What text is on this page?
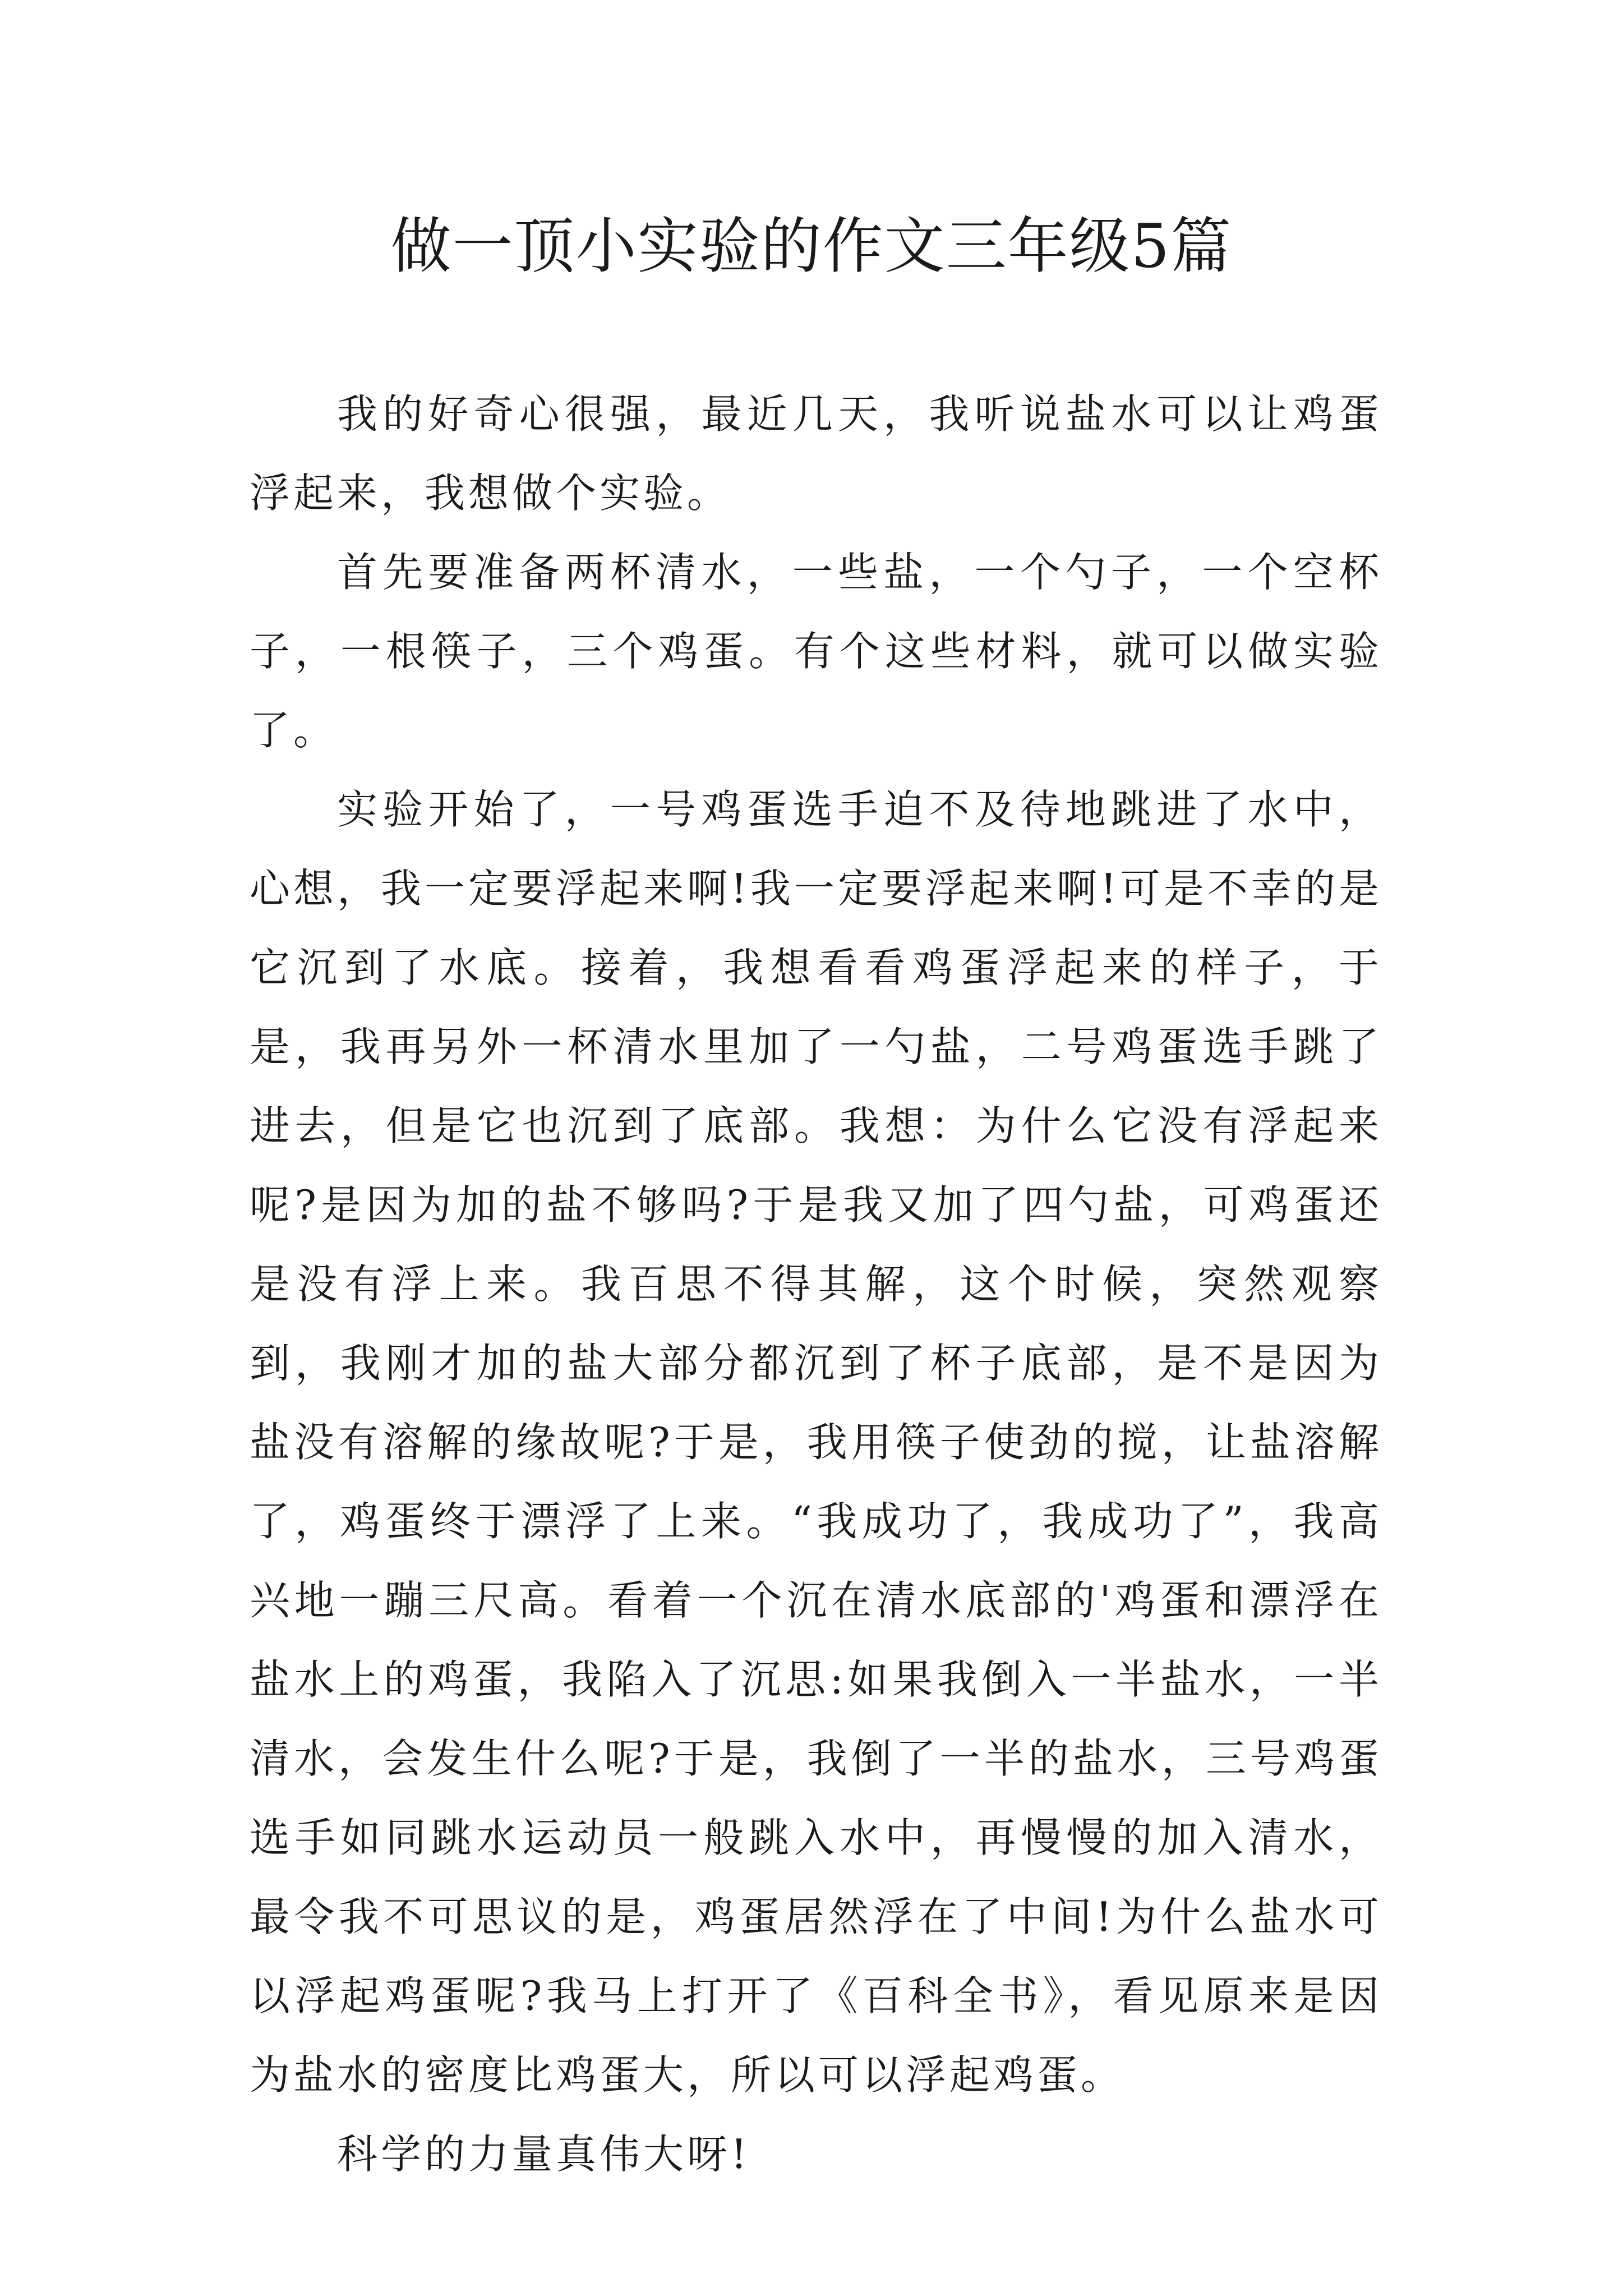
做一顶小实验的作文三年级5篇

我的好奇心很强，最近几天，我听说盐水可以让鸡蛋浮起来，我想做个实验。

首先要准备两杯清水，一些盐，一个勺子，一个空杯子，一根筷子，三个鸡蛋。有个这些材料，就可以做实验了。

实验开始了，一号鸡蛋选手迫不及待地跳进了水中，心想，我一定要浮起来啊!我一定要浮起来啊!可是不幸的是它沉到了水底。接着，我想看看鸡蛋浮起来的样子，于是，我再另外一杯清水里加了一勺盐，二号鸡蛋选手跳了进去，但是它也沉到了底部。我想：为什么它没有浮起来呢?是因为加的盐不够吗?于是我又加了四勺盐，可鸡蛋还是没有浮上来。我百思不得其解，这个时候，突然观察到，我刚才加的盐大部分都沉到了杯子底部，是不是因为盐没有溶解的缘故呢?于是，我用筷子使劲的搅，让盐溶解了，鸡蛋终于漂浮了上来。“我成功了，我成功了”，我高兴地一蹦三尺高。看着一个沉在清水底部的'鸡蛋和漂浮在盐水上的鸡蛋，我陷入了沉思:如果我倒入一半盐水，一半清水，会发生什么呢?于是，我倒了一半的盐水，三号鸡蛋选手如同跳水运动员一般跳入水中，再慢慢的加入清水，最令我不可思议的是，鸡蛋居然浮在了中间!为什么盐水可以浮起鸡蛋呢?我马上打开了《百科全书》，看见原来是因为盐水的密度比鸡蛋大，所以可以浮起鸡蛋。

科学的力量真伟大呀!
